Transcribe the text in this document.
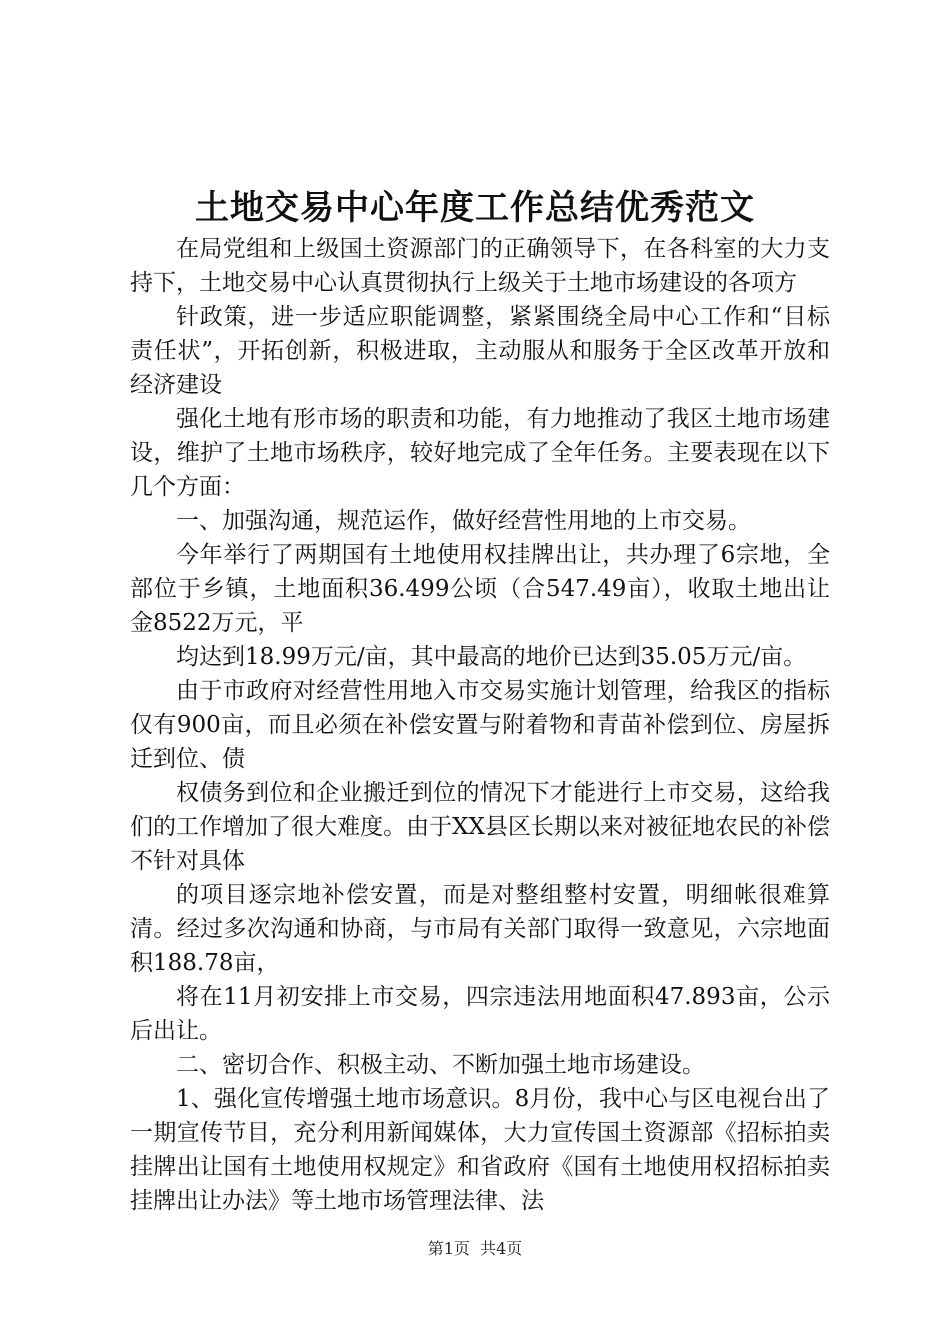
土地交易中心年度工作总结优秀范文

在局党组和上级国土资源部门的正确领导下，在各科室的大力支持下，土地交易中心认真贯彻执行上级关于土地市场建设的各项方

针政策，进一步适应职能调整，紧紧围绕全局中心工作和“目标责任状”，开拓创新，积极进取，主动服从和服务于全区改革开放和经济建设

强化土地有形市场的职责和功能，有力地推动了我区土地市场建设，维护了土地市场秩序，较好地完成了全年任务。主要表现在以下几个方面：

一、加强沟通，规范运作，做好经营性用地的上市交易。

今年举行了两期国有土地使用权挂牌出让，共办理了6宗地，全部位于乡镇，土地面积36.499公顷（合547.49亩），收取土地出让金8522万元，平

均达到18.99万元/亩，其中最高的地价已达到35.05万元/亩。

由于市政府对经营性用地入市交易实施计划管理，给我区的指标仅有900亩，而且必须在补偿安置与附着物和青苗补偿到位、房屋拆迁到位、债

权债务到位和企业搬迁到位的情况下才能进行上市交易，这给我们的工作增加了很大难度。由于XX县区长期以来对被征地农民的补偿不针对具体

的项目逐宗地补偿安置，而是对整组整村安置，明细帐很难算清。经过多次沟通和协商，与市局有关部门取得一致意见，六宗地面积188.78亩，

将在11月初安排上市交易，四宗违法用地面积47.893亩，公示后出让。

二、密切合作、积极主动、不断加强土地市场建设。

1、强化宣传增强土地市场意识。8月份，我中心与区电视台出了一期宣传节目，充分利用新闻媒体，大力宣传国土资源部《招标拍卖挂牌出让国有土地使用权规定》和省政府《国有土地使用权招标拍卖挂牌出让办法》等土地市场管理法律、法

第1页  共4页
